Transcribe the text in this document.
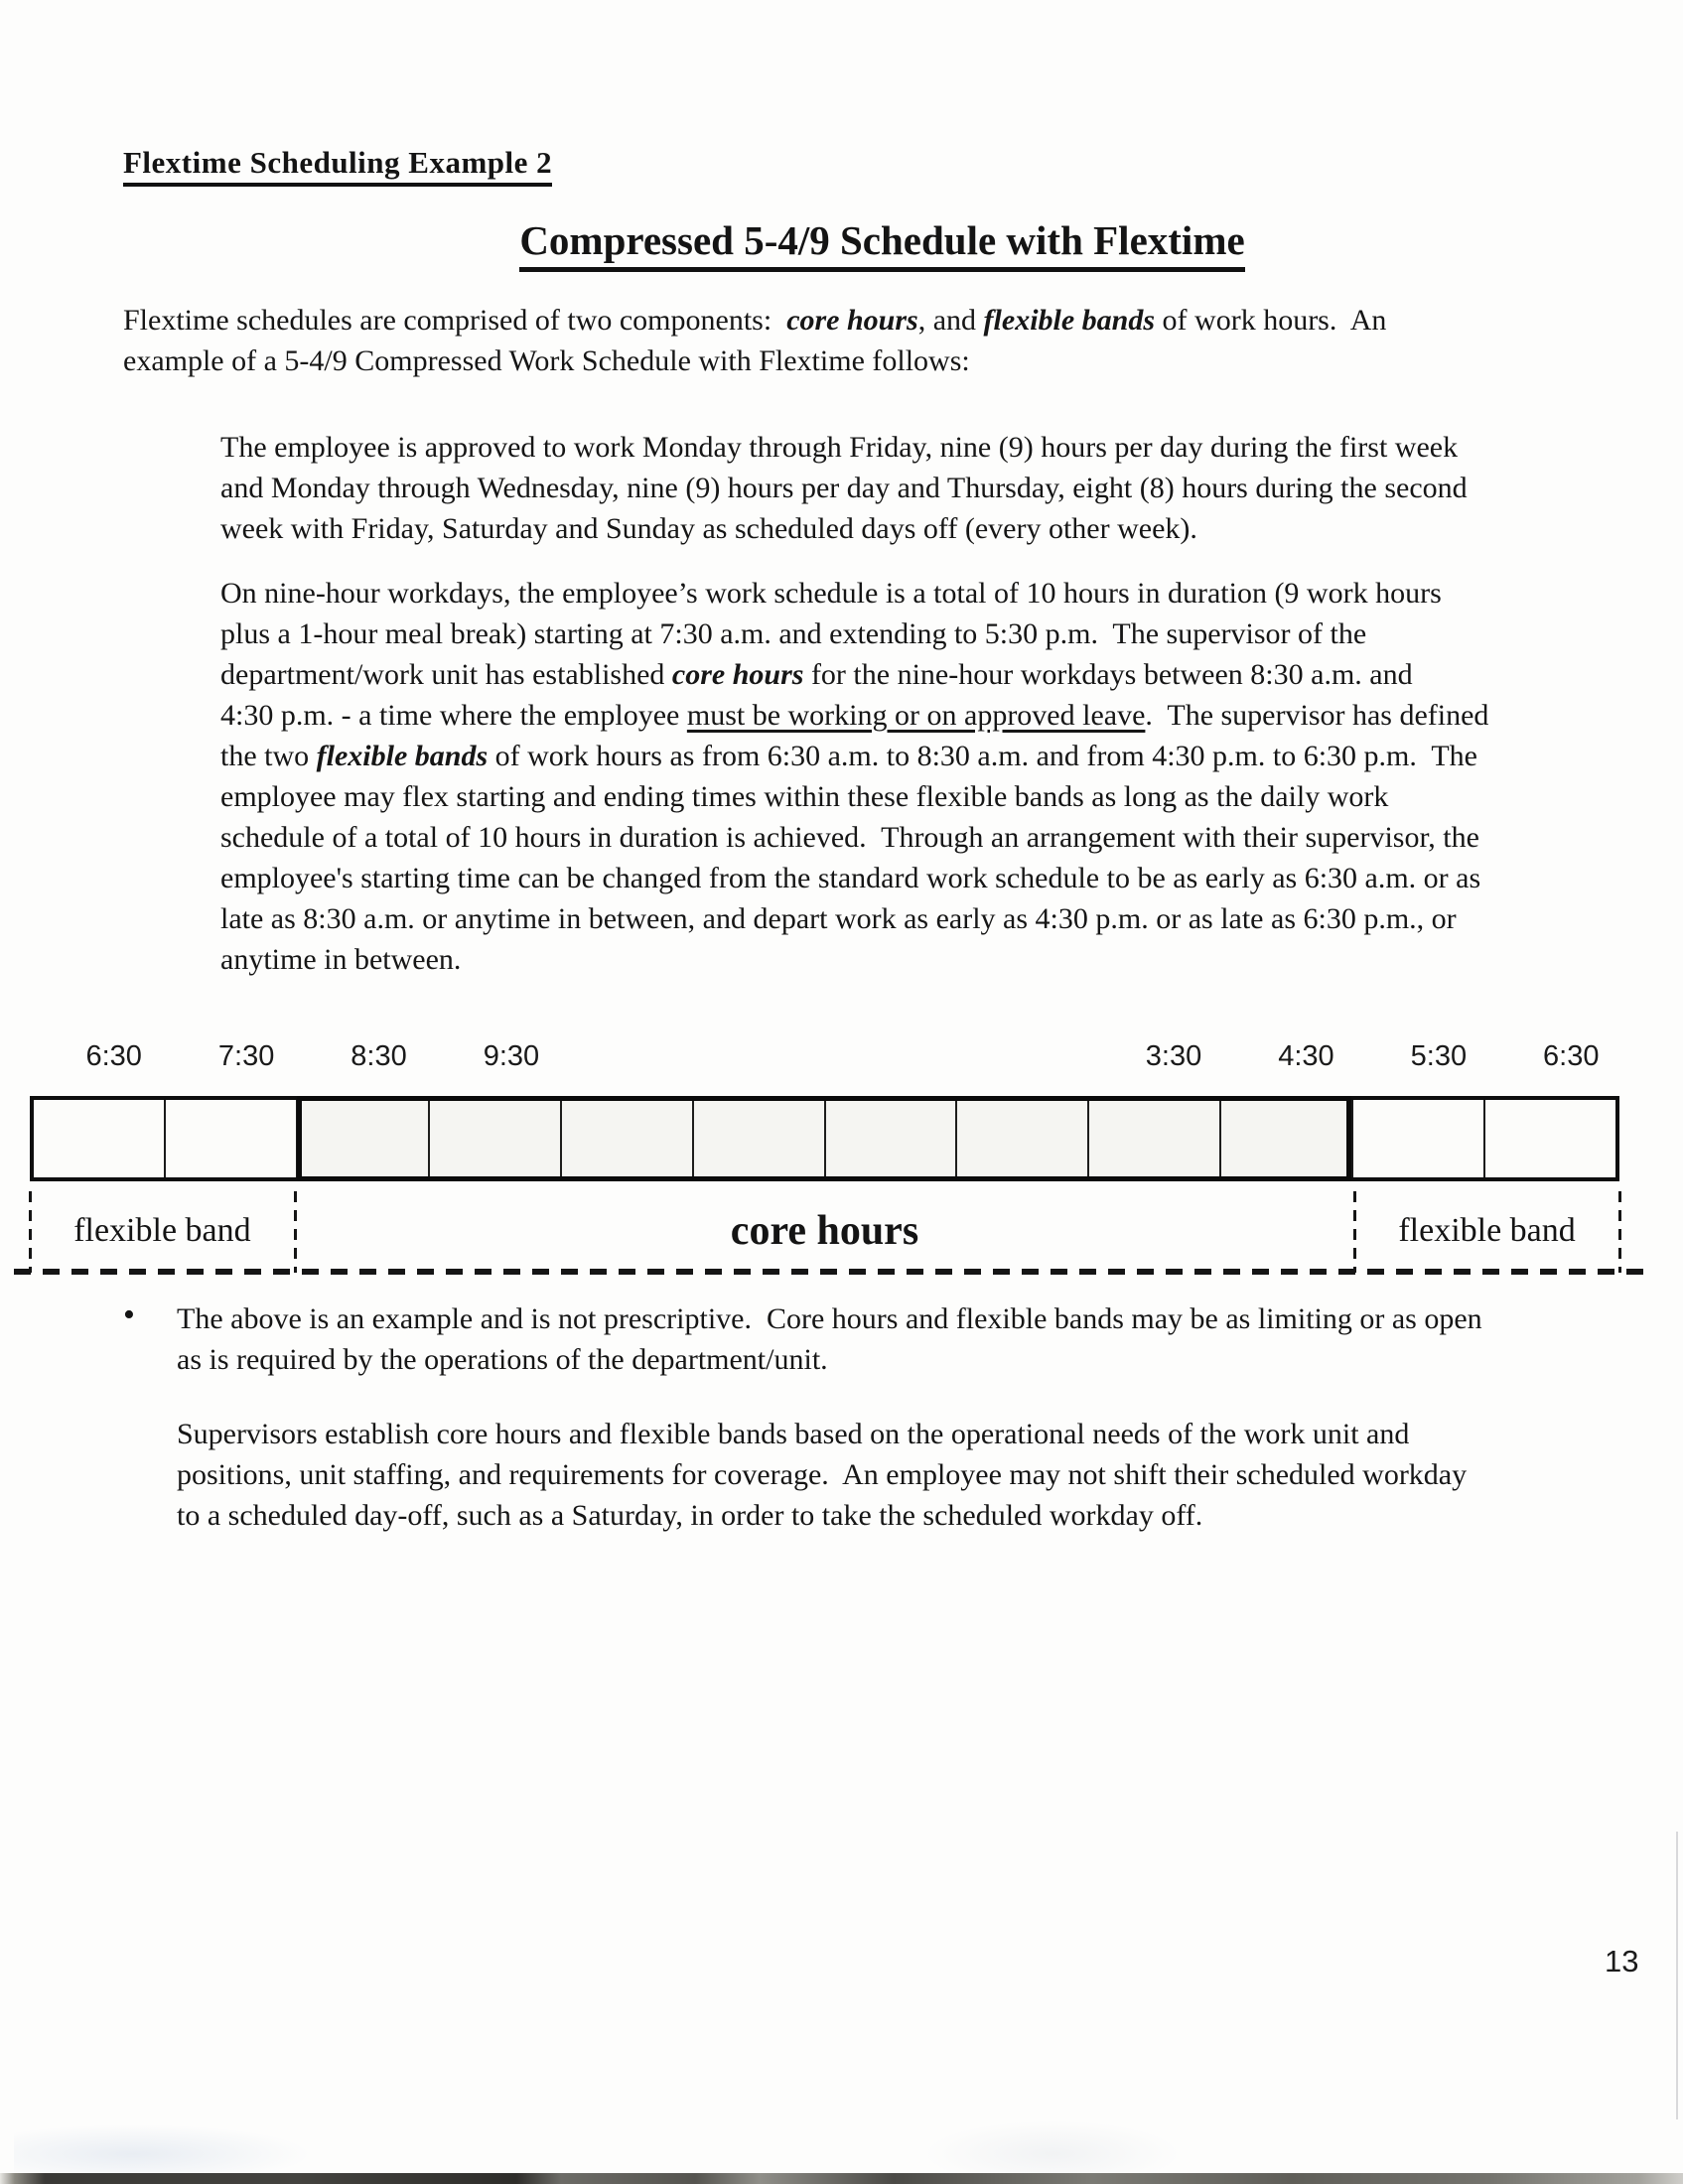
Flextime Scheduling Example 2
Compressed 5-4/9 Schedule with Flextime
Flextime schedules are comprised of two components:  core hours, and flexible bands of work hours.  An
example of a 5-4/9 Compressed Work Schedule with Flextime follows:
The employee is approved to work Monday through Friday, nine (9) hours per day during the first week
and Monday through Wednesday, nine (9) hours per day and Thursday, eight (8) hours during the second
week with Friday, Saturday and Sunday as scheduled days off (every other week).
On nine-hour workdays, the employee’s work schedule is a total of 10 hours in duration (9 work hours
plus a 1-hour meal break) starting at 7:30 a.m. and extending to 5:30 p.m.  The supervisor of the
department/work unit has established core hours for the nine-hour workdays between 8:30 a.m. and
4:30 p.m. - a time where the employee must be working or on approved leave.  The supervisor has defined
the two flexible bands of work hours as from 6:30 a.m. to 8:30 a.m. and from 4:30 p.m. to 6:30 p.m.  The
employee may flex starting and ending times within these flexible bands as long as the daily work
schedule of a total of 10 hours in duration is achieved.  Through an arrangement with their supervisor, the
employee's starting time can be changed from the standard work schedule to be as early as 6:30 a.m. or as
late as 8:30 a.m. or anytime in between, and depart work as early as 4:30 p.m. or as late as 6:30 p.m., or
anytime in between.
6:30	7:30	8:30	9:30	3:30	4:30	5:30	6:30
flexible band	core hours	flexible band
• The above is an example and is not prescriptive.  Core hours and flexible bands may be as limiting or as open
as is required by the operations of the department/unit.
Supervisors establish core hours and flexible bands based on the operational needs of the work unit and
positions, unit staffing, and requirements for coverage.  An employee may not shift their scheduled workday
to a scheduled day-off, such as a Saturday, in order to take the scheduled workday off.
13
